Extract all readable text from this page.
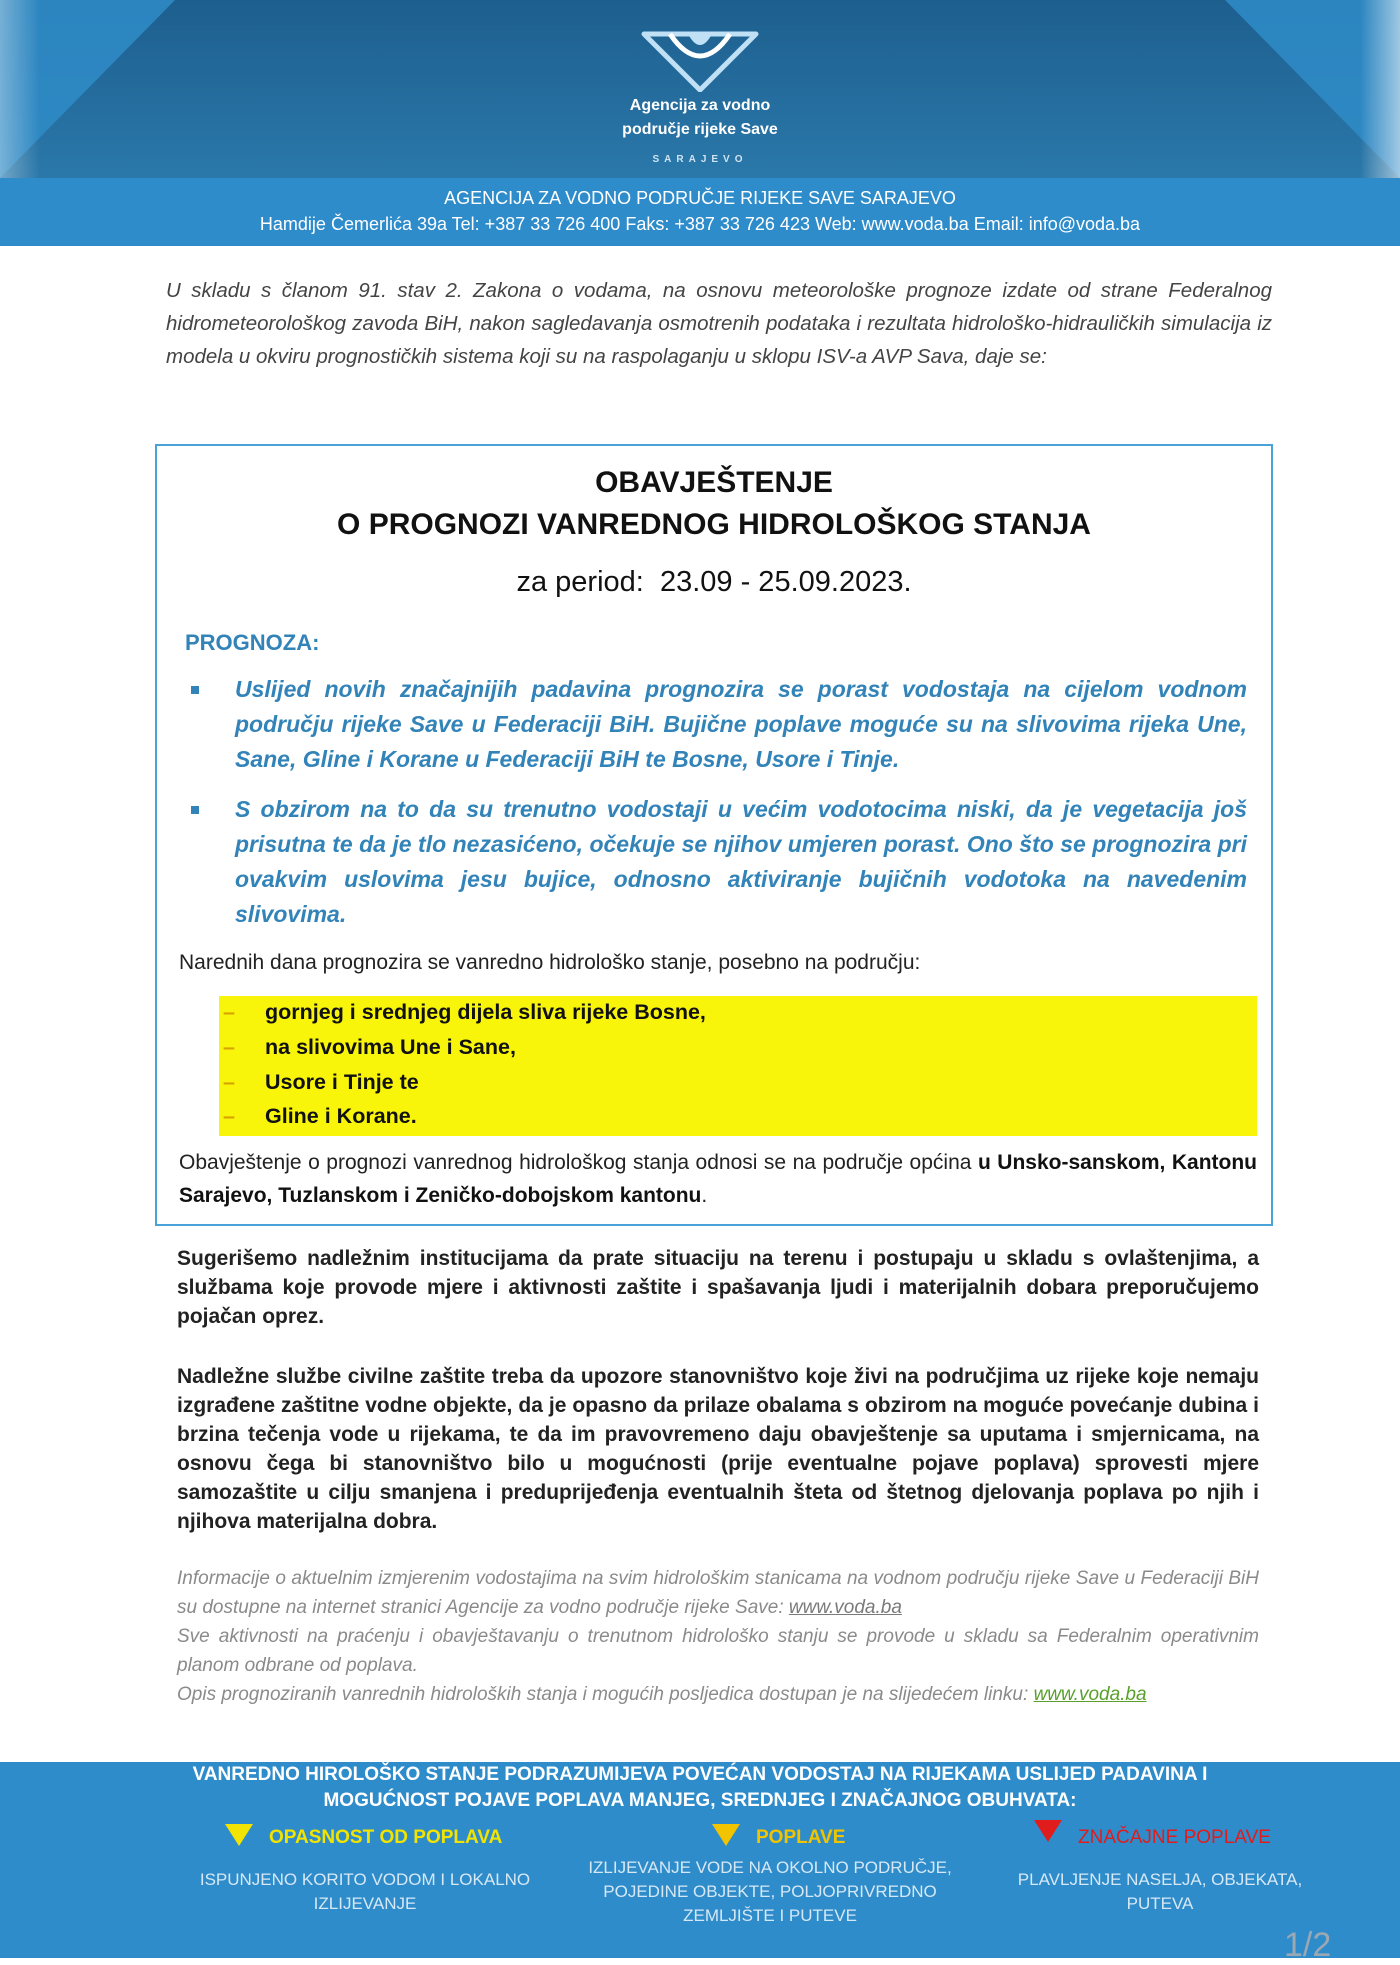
Agencija za vodno
područje rijeke Save
SARAJEVO
AGENCIJA ZA VODNO PODRUČJE RIJEKE SAVE SARAJEVO
Hamdije Čemerlića 39a Tel: +387 33 726 400 Faks: +387 33 726 423 Web: www.voda.ba Email: info@voda.ba
U skladu s članom 91. stav 2. Zakona o vodama, na osnovu meteorološke prognoze izdate od strane Federalnog hidrometeorološkog zavoda BiH, nakon sagledavanja osmotrenih podataka i rezultata hidrološko-hidrauličkih simulacija iz modela u okviru prognostičkih sistema koji su na raspolaganju u sklopu ISV-a AVP Sava, daje se:
OBAVJEŠTENJE
O PROGNOZI VANREDNOG HIDROLOŠKOG STANJA
za period: 23.09 - 25.09.2023.
PROGNOZA:
Uslijed novih značajnijih padavina prognozira se porast vodostaja na cijelom vodnom području rijeke Save u Federaciji BiH. Bujične poplave moguće su na slivovima rijeka Une, Sane, Gline i Korane u Federaciji BiH te Bosne, Usore i Tinje.
S obzirom na to da su trenutno vodostaji u većim vodotocima niski, da je vegetacija još prisutna te da je tlo nezasićeno, očekuje se njihov umjeren porast. Ono što se prognozira pri ovakvim uslovima jesu bujice, odnosno aktiviranje bujičnih vodotoka na navedenim slivovima.
Narednih dana prognozira se vanredno hidrološko stanje, posebno na području:
– gornjeg i srednjeg dijela sliva rijeke Bosne,
– na slivovima Une i Sane,
– Usore i Tinje te
– Gline i Korane.
Obavještenje o prognozi vanrednog hidrološkog stanja odnosi se na područje općina u Unsko-sanskom, Kantonu Sarajevo, Tuzlanskom i Zeničko-dobojskom kantonu.
Sugerišemo nadležnim institucijama da prate situaciju na terenu i postupaju u skladu s ovlaštenjima, a službama koje provode mjere i aktivnosti zaštite i spašavanja ljudi i materijalnih dobara preporučujemo pojačan oprez.
Nadležne službe civilne zaštite treba da upozore stanovništvo koje živi na područjima uz rijeke koje nemaju izgrađene zaštitne vodne objekte, da je opasno da prilaze obalama s obzirom na moguće povećanje dubina i brzina tečenja vode u rijekama, te da im pravovremeno daju obavještenje sa uputama i smjernicama, na osnovu čega bi stanovništvo bilo u mogućnosti (prije eventualne pojave poplava) sprovesti mjere samozaštite u cilju smanjena i preduprijeđenja eventualnih šteta od štetnog djelovanja poplava po njih i njihova materijalna dobra.
Informacije o aktuelnim izmjerenim vodostajima na svim hidrološkim stanicama na vodnom području rijeke Save u Federaciji BiH su dostupne na internet stranici Agencije za vodno područje rijeke Save: www.voda.ba
Sve aktivnosti na praćenju i obavještavanju o trenutnom hidrološko stanju se provode u skladu sa Federalnim operativnim planom odbrane od poplava.
Opis prognoziranih vanrednih hidroloških stanja i mogućih posljedica dostupan je na slijedećem linku: www.voda.ba
VANREDNO HIROLOŠKO STANJE PODRAZUMIJEVA POVEĆAN VODOSTAJ NA RIJEKAMA USLIJED PADAVINA I
MOGUĆNOST POJAVE POPLAVA MANJEG, SREDNJEG I ZNAČAJNOG OBUHVATA:
OPASNOST OD POPLAVA
ISPUNJENO KORITO VODOM I LOKALNO IZLIJEVANJE
POPLAVE
IZLIJEVANJE VODE NA OKOLNO PODRUČJE, POJEDINE OBJEKTE, POLJOPRIVREDNO ZEMLJIŠTE I PUTEVE
ZNAČAJNE POPLAVE
PLAVLJENJE NASELJA, OBJEKATA, PUTEVA
1/2
